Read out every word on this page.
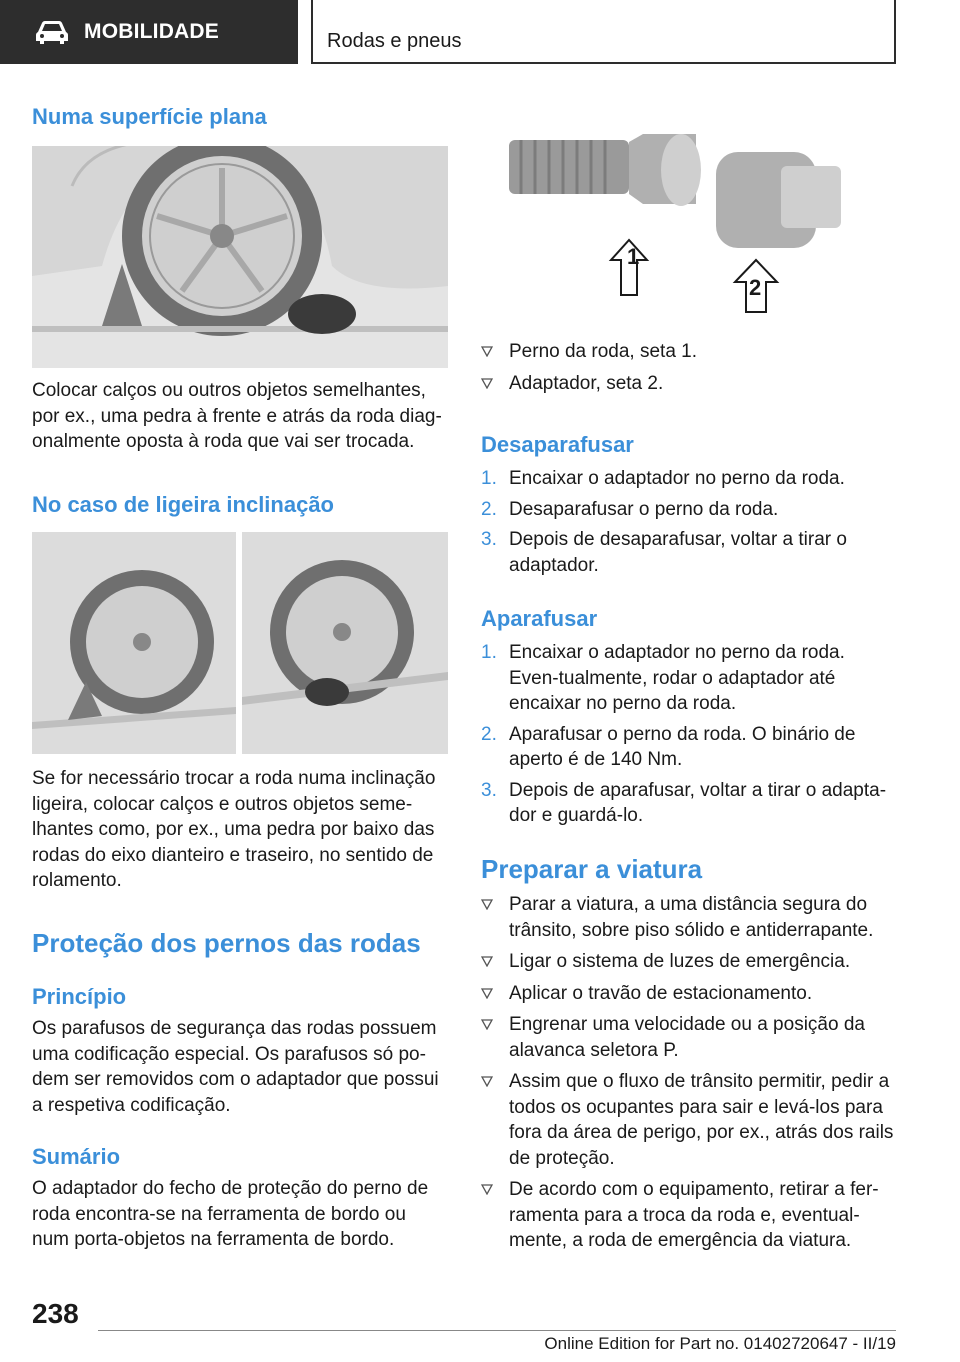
MOBILIDADE	Rodas e pneus
Numa superfície plana

Colocar calços ou outros objetos semelhantes, por ex., uma pedra à frente e atrás da roda diag-onalmente oposta à roda que vai ser trocada.

No caso de ligeira inclinação

Se for necessário trocar a roda numa inclinação ligeira, colocar calços e outros objetos seme-lhantes como, por ex., uma pedra por baixo das rodas do eixo dianteiro e traseiro, no sentido de rolamento.

Proteção dos pernos das rodas
Princípio

Os parafusos de segurança das rodas possuem uma codificação especial. Os parafusos só po-dem ser removidos com o adaptador que possui a respetiva codificação.

Sumário

O adaptador do fecho de proteção do perno de roda encontra-se na ferramenta de bordo ou num porta-objetos na ferramenta de bordo.

1
2
Perno da roda, seta 1.
Adaptador, seta 2.
Desaparafusar
1. Encaixar o adaptador no perno da roda.
2. Desaparafusar o perno da roda.
3. Depois de desaparafusar, voltar a tirar o adaptador.
Aparafusar
1. Encaixar o adaptador no perno da roda. Even-tualmente, rodar o adaptador até encaixar no perno da roda.
2. Aparafusar o perno da roda. O binário de aperto é de 140 Nm.
3. Depois de aparafusar, voltar a tirar o adapta-dor e guardá-lo.
Preparar a viatura
Parar a viatura, a uma distância segura do trânsito, sobre piso sólido e antiderrapante.
Ligar o sistema de luzes de emergência.
Aplicar o travão de estacionamento.
Engrenar uma velocidade ou a posição da alavanca seletora P.
Assim que o fluxo de trânsito permitir, pedir a todos os ocupantes para sair e levá-los para fora da área de perigo, por ex., atrás dos rails de proteção.
De acordo com o equipamento, retirar a fer-ramenta para a troca da roda e, eventual-mente, a roda de emergência da viatura.
238
Online Edition for Part no. 01402720647 - II/19
